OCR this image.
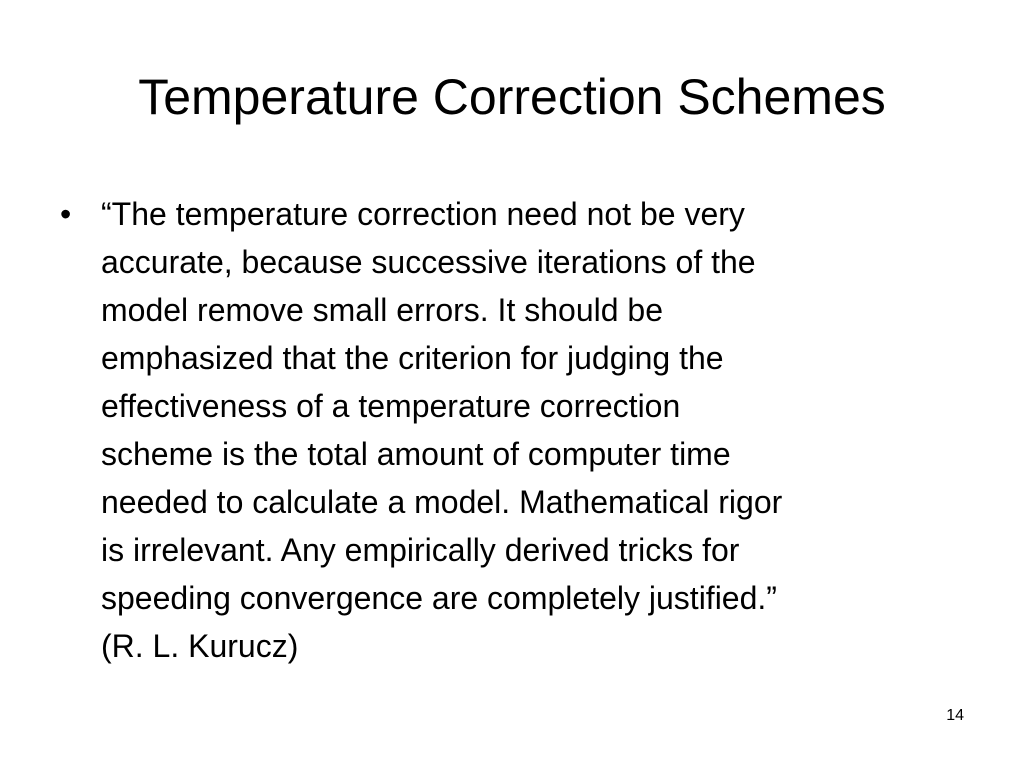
Temperature Correction Schemes
• “The temperature correction need not be very
accurate, because successive iterations of the
model remove small errors. It should be
emphasized that the criterion for judging the
effectiveness of a temperature correction
scheme is the total amount of computer time
needed to calculate a model. Mathematical rigor
is irrelevant. Any empirically derived tricks for
speeding convergence are completely justified.”
(R. L. Kurucz)
14
